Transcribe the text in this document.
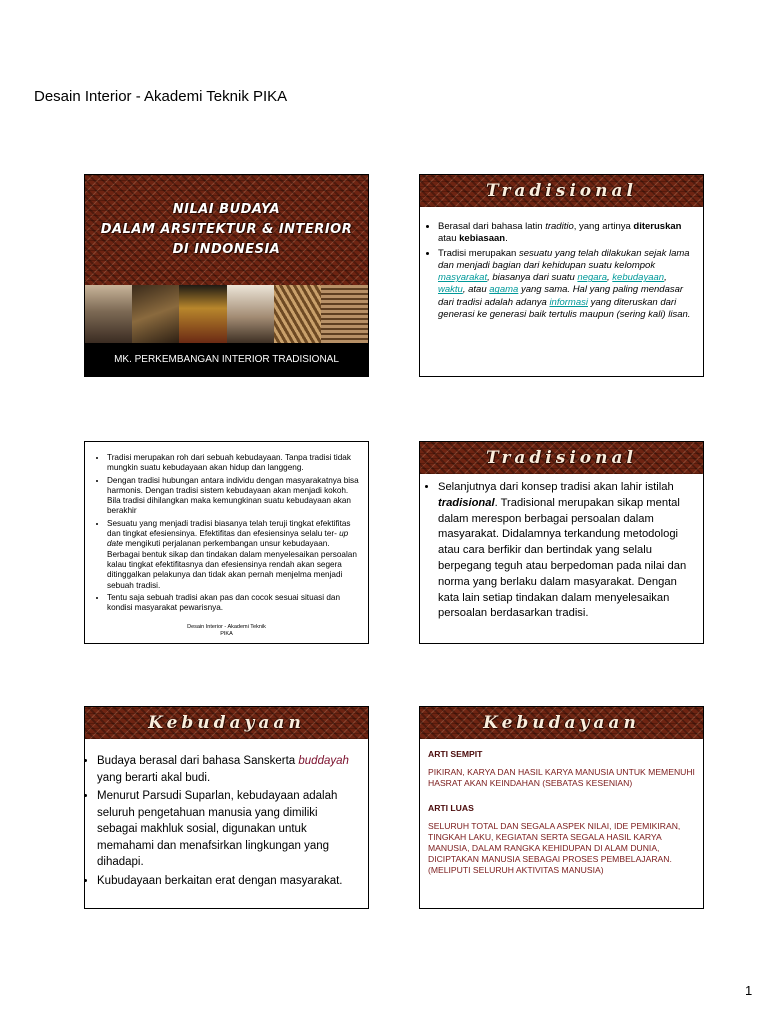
Desain Interior - Akademi Teknik PIKA
NILAI BUDAYA
DALAM ARSITEKTUR & INTERIOR
DI INDONESIA
MK. PERKEMBANGAN INTERIOR TRADISIONAL
Tradisional
• Berasal dari bahasa latin traditio, yang artinya diteruskan atau kebiasaan.
• Tradisi merupakan sesuatu yang telah dilakukan sejak lama dan menjadi bagian dari kehidupan suatu kelompok masyarakat, biasanya dari suatu negara, kebudayaan, waktu, atau agama yang sama. Hal yang paling mendasar dari tradisi adalah adanya informasi yang diteruskan dari generasi ke generasi baik tertulis maupun (sering kali) lisan.
• Tradisi merupakan roh dari sebuah kebudayaan. Tanpa tradisi tidak mungkin suatu kebudayaan akan hidup dan langgeng.
• Dengan tradisi hubungan antara individu dengan masyarakatnya bisa harmonis. Dengan tradisi sistem kebudayaan akan menjadi kokoh. Bila tradisi dihilangkan maka kemungkinan suatu kebudayaan akan berakhir
• Sesuatu yang menjadi tradisi biasanya telah teruji tingkat efektifitas dan tingkat efesiensinya. Efektifitas dan efesiensinya selalu ter- up date mengikuti perjalanan perkembangan unsur kebudayaan. Berbagai bentuk sikap dan tindakan dalam menyelesaikan persoalan kalau tingkat efektifitasnya dan efesiensinya rendah akan segera ditinggalkan pelakunya dan tidak akan pernah menjelma menjadi sebuah tradisi.
• Tentu saja sebuah tradisi akan pas dan cocok sesuai situasi dan kondisi masyarakat pewarisnya.
Desain Interior - Akademi Teknik
PIKA
Tradisional
• Selanjutnya dari konsep tradisi akan lahir istilah tradisional. Tradisional merupakan sikap mental dalam merespon berbagai persoalan dalam masyarakat. Didalamnya terkandung metodologi atau cara berfikir dan bertindak yang selalu berpegang teguh atau berpedoman pada nilai dan norma yang berlaku dalam masyarakat. Dengan kata lain setiap tindakan dalam menyelesaikan persoalan berdasarkan tradisi.
Kebudayaan
• Budaya berasal dari bahasa Sanskerta buddayah yang berarti akal budi.
• Menurut Parsudi Suparlan, kebudayaan adalah seluruh pengetahuan manusia yang dimiliki sebagai makhluk sosial, digunakan untuk memahami dan menafsirkan lingkungan yang dihadapi.
• Kubudayaan berkaitan erat dengan masyarakat.
Kebudayaan
ARTI SEMPIT
PIKIRAN, KARYA DAN HASIL KARYA MANUSIA UNTUK MEMENUHI HASRAT AKAN KEINDAHAN (SEBATAS KESENIAN)
ARTI LUAS
SELURUH TOTAL DAN SEGALA ASPEK NILAI, IDE PEMIKIRAN, TINGKAH LAKU, KEGIATAN SERTA SEGALA HASIL KARYA MANUSIA, DALAM RANGKA KEHIDUPAN DI ALAM DUNIA, DICIPTAKAN MANUSIA SEBAGAI PROSES PEMBELAJARAN. (MELIPUTI SELURUH AKTIVITAS MANUSIA)
1
